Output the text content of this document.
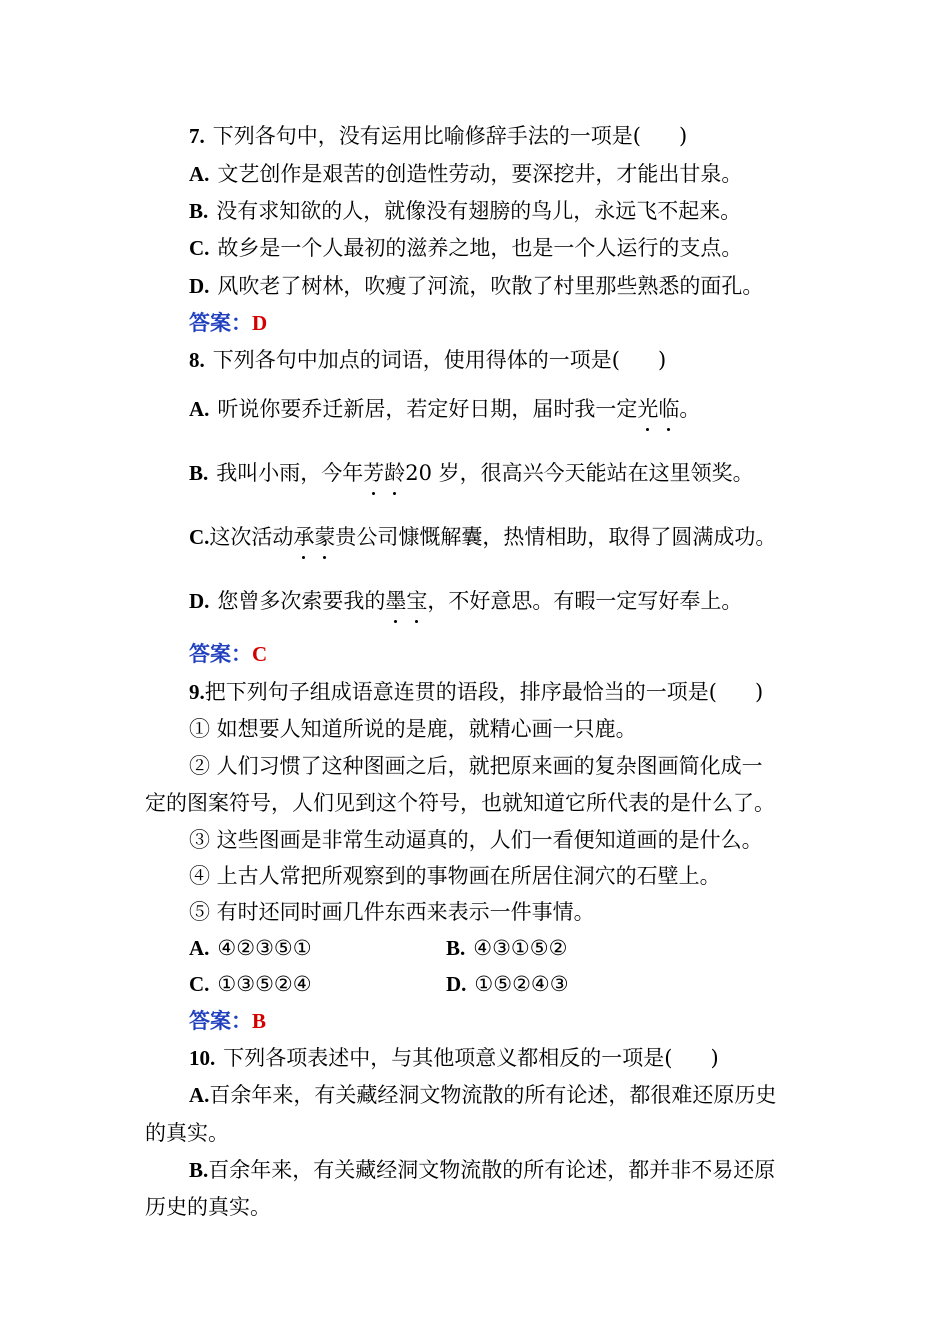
7. 下列各句中，没有运用比喻修辞手法的一项是( )
A. 文艺创作是艰苦的创造性劳动，要深挖井，才能出甘泉。
B. 没有求知欲的人，就像没有翅膀的鸟儿，永远飞不起来。
C. 故乡是一个人最初的滋养之地，也是一个人运行的支点。
D. 风吹老了树林，吹瘦了河流，吹散了村里那些熟悉的面孔。
答案：D
8. 下列各句中加点的词语，使用得体的一项是( )
A. 听说你要乔迁新居，若定好日期，届时我一定光临。
B. 我叫小雨，今年芳龄20 岁，很高兴今天能站在这里领奖。
C.这次活动承蒙贵公司慷慨解囊，热情相助，取得了圆满成功。
D. 您曾多次索要我的墨宝，不好意思。有暇一定写好奉上。
答案：C
9.把下列句子组成语意连贯的语段，排序最恰当的一项是( )
① 如想要人知道所说的是鹿，就精心画一只鹿。
② 人们习惯了这种图画之后，就把原来画的复杂图画简化成一
定的图案符号，人们见到这个符号，也就知道它所代表的是什么了。
③ 这些图画是非常生动逼真的，人们一看便知道画的是什么。
④ 上古人常把所观察到的事物画在所居住洞穴的石壁上。
⑤ 有时还同时画几件东西来表示一件事情。
A. ④②③⑤①	B. ④③①⑤②
C. ①③⑤②④	D. ①⑤②④③
答案：B
10. 下列各项表述中，与其他项意义都相反的一项是( )
A.百余年来，有关藏经洞文物流散的所有论述，都很难还原历史
的真实。
B.百余年来，有关藏经洞文物流散的所有论述，都并非不易还原
历史的真实。
